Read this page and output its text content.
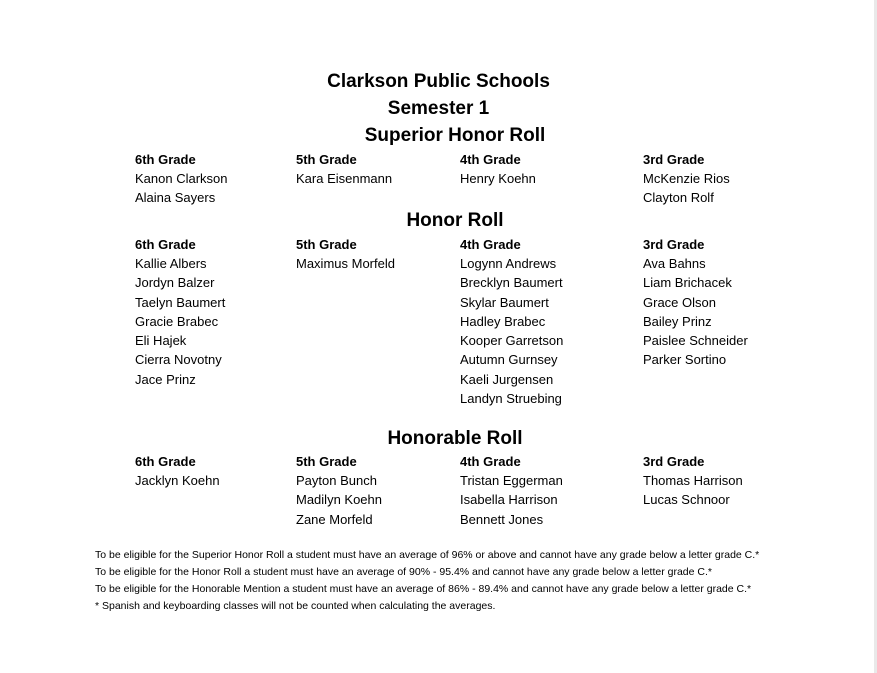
Clarkson Public Schools
Semester 1
Superior Honor Roll
6th Grade
Kanon Clarkson
Alaina Sayers
5th Grade
Kara Eisenmann
4th Grade
Henry Koehn
3rd Grade
McKenzie Rios
Clayton Rolf
Honor Roll
6th Grade
Kallie Albers
Jordyn Balzer
Taelyn Baumert
Gracie Brabec
Eli Hajek
Cierra Novotny
Jace Prinz
5th Grade
Maximus Morfeld
4th Grade
Logynn Andrews
Brecklyn Baumert
Skylar Baumert
Hadley Brabec
Kooper Garretson
Autumn Gurnsey
Kaeli Jurgensen
Landyn Struebing
3rd Grade
Ava Bahns
Liam Brichacek
Grace Olson
Bailey Prinz
Paislee Schneider
Parker Sortino
Honorable Roll
6th Grade
Jacklyn Koehn
5th Grade
Payton Bunch
Madilyn Koehn
Zane Morfeld
4th Grade
Tristan Eggerman
Isabella Harrison
Bennett Jones
3rd Grade
Thomas Harrison
Lucas Schnoor
To be eligible for the Superior Honor Roll a student must have an average of 96% or above and cannot have any grade below a letter grade C.*
To be eligible for the Honor Roll a student must have an average of 90% - 95.4% and cannot have any grade below a letter grade C.*
To be eligible for the Honorable Mention a student must have an average of 86% - 89.4% and cannot have any grade below a letter grade C.*
* Spanish and keyboarding classes will not be counted when calculating the averages.
